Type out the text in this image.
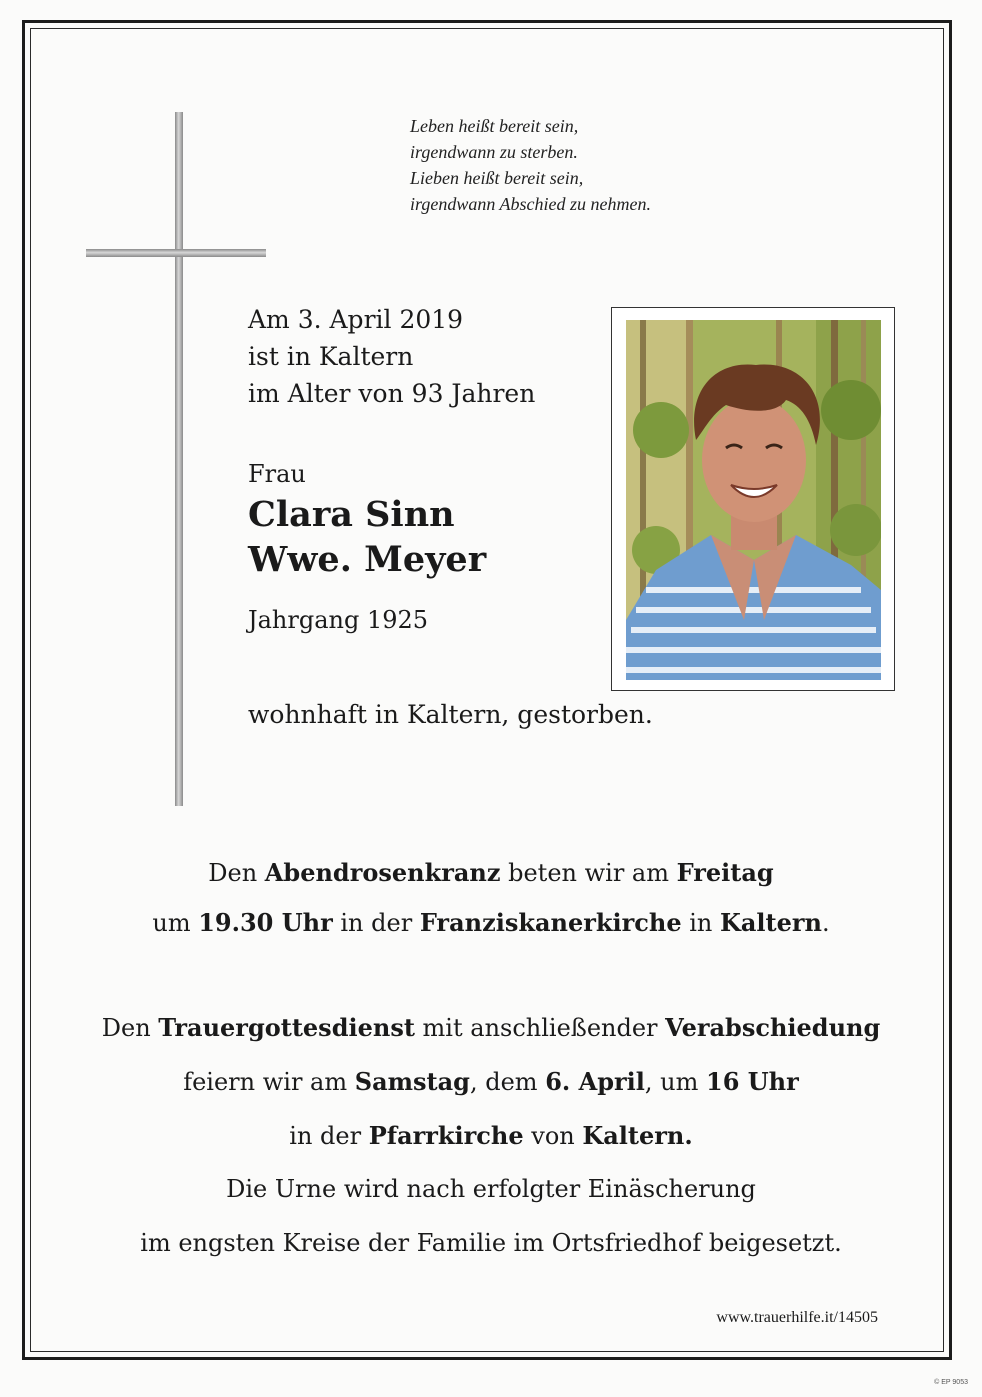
Leben heißt bereit sein,
irgendwann zu sterben.
Lieben heißt bereit sein,
irgendwann Abschied zu nehmen.
Am 3. April 2019
ist in Kaltern
im Alter von 93 Jahren
Frau
Clara Sinn
Wwe. Meyer
Jahrgang 1925
wohnhaft in Kaltern, gestorben.
Den Abendrosenkranz beten wir am Freitag
um 19.30 Uhr in der Franziskanerkirche in Kaltern.
Den Trauergottesdienst mit anschließender Verabschiedung
feiern wir am Samstag, dem 6. April, um 16 Uhr
in der Pfarrkirche von Kaltern.
Die Urne wird nach erfolgter Einäscherung
im engsten Kreise der Familie im Ortsfriedhof beigesetzt.
www.trauerhilfe.it/14505
© EP 9053
